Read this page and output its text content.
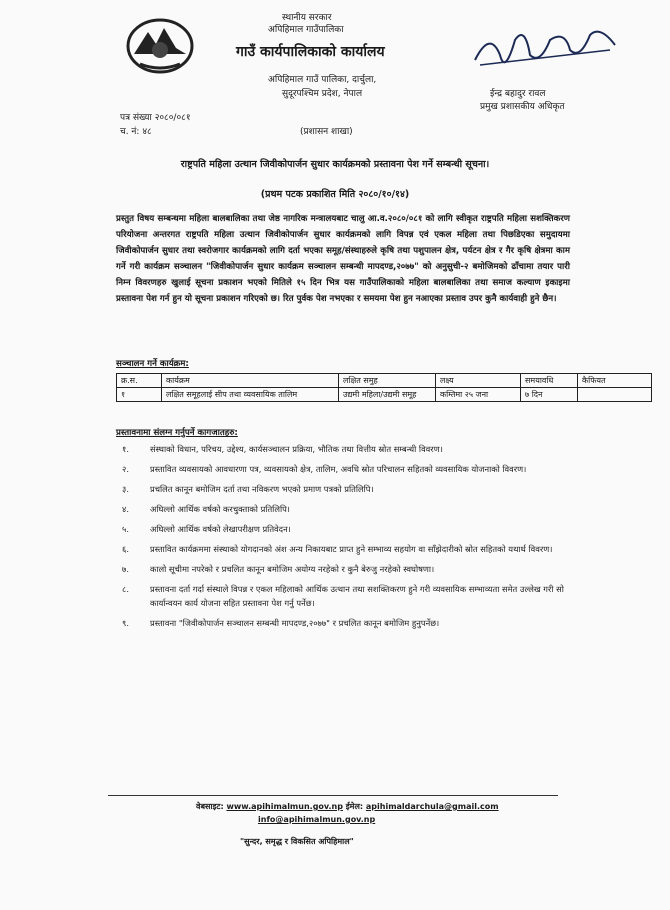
स्थानीय सरकार
अपिहिमाल गाउँपालिका
गाउँ कार्यपालिकाको कार्यालय
अपिहिमाल गाउँ पालिका, दार्चुला,
सुदूरपश्चिम प्रदेश, नेपाल	ईन्द्र बहादुर रावल
प्रमुख प्रशासकीय अधिकृत
पत्र संख्या २०८०/०८१
च. नं: ४८	(प्रशासन शाखा)
राष्ट्रपति महिला उत्थान जिवीकोपार्जन सुधार कार्यक्रमको प्रस्तावना पेश गर्ने सम्बन्धी सूचना।
(प्रथम पटक प्रकाशित मिति २०८०/१०/१४)
प्रस्तुत विषय सम्बन्धमा महिला बालबालिका तथा जेष्ठ नागरिक मन्त्रालयबाट चालु आ.व.२०८०/०८१ को लागि स्वीकृत राष्ट्रपति महिला सशक्तिकरण परियोजना अन्तरगत राष्ट्रपति महिला उत्थान जिवीकोपार्जन सुधार कार्यक्रमको लागि विपन्न एवं एकल महिला तथा पिछडिएका समुदायमा जिवीकोपार्जन सुधार तथा स्वरोजगार कार्यक्रमको लागि दर्ता भएका समूह/संस्थाहरुले कृषि तथा पशुपालन क्षेत्र, पर्यटन क्षेत्र र गैर कृषि क्षेत्रमा काम गर्ने गरी कार्यक्रम सञ्चालन "जिवीकोपार्जन सुधार कार्यक्रम सञ्चालन सम्बन्धी मापदण्ड,२०७७" को अनुसुची-२ बमोजिमको ढाँचामा तयार पारी निम्न विवरणहरु खुलाई सूचना प्रकाशन भएको मितिले १५ दिन भित्र यस गाउँपालिकाको महिला बालबालिका तथा समाज कल्याण इकाइमा प्रस्तावना पेश गर्न हुन यो सूचना प्रकाशन गरिएको छ। रित पुर्वक पेश नभएका र समयमा पेश हुन नआएका प्रस्ताव उपर कुनै कार्यवाही हुने छैन।
सञ्चालन गर्ने कार्यक्रम:
क्र.स.	कार्यक्रम	लक्षित समुह	लक्ष्य	समयावधि	कैफियत
१	लक्षित समूहलाई सीप तथा व्यवसायिक तालिम	उद्यमी महिला/उद्यमी समूह	कम्तिमा २५ जना	७ दिन	
प्रस्तावनामा संलग्न गर्नुपर्ने कागजातहरु:
१.	संस्थाको विधान, परिचय, उद्देश्य, कार्यसञ्चालन प्रक्रिया, भौतिक तथा वित्तीय स्रोत सम्बन्धी विवरण।
२.	प्रस्तावित व्यवसायको आवधारणा पत्र, व्यवसायको क्षेत्र, तालिम, अवधि स्रोत परिचालन सहितको व्यवसायिक योजनाको विवरण।
३.	प्रचलित कानून बमोजिम दर्ता तथा नविकरण भएको प्रमाण पत्रको प्रतिलिपि।
४.	अघिल्लो आर्थिक वर्षको करचुक्ताको प्रतिलिपि।
५.	अघिल्लो आर्थिक वर्षको लेखापरीक्षण प्रतिवेदन।
६.	प्रस्तावित कार्यक्रममा संस्थाको योगदानको अंश अन्य निकायबाट प्राप्त हुने सम्भाव्य सहयोग वा साँझेदारीको स्रोत सहितको यथार्थ विवरण।
७.	कालो सूचीमा नपरेको र प्रचलित कानून बमोजिम अयोग्य नरहेको र कुनै बेरुजु नरहेको स्वघोषणा।
८.	प्रस्तावना दर्ता गर्दा संस्थाले विपन्न र एकल महिलाको आर्थिक उत्थान तथा सशक्तिकरण हुने गरी व्यवसायिक सम्भाव्यता समेत उल्लेख गरी सो कार्यान्वयन कार्य योजना सहित प्रस्तावना पेश गर्नु पर्नेछ।
९.	प्रस्तावना "जिवीकोपार्जन सञ्चालन सम्बन्धी मापदण्ड,२०७७" र प्रचलित कानून बमोजिम हुनुपर्नेछ।
वेबसाइट: www.apihimalmun.gov.np ईमेल: apihimaldarchula@gmail.com
info@apihimalmun.gov.np
"सुन्दर, समृद्ध र विकसित अपिहिमाल"
